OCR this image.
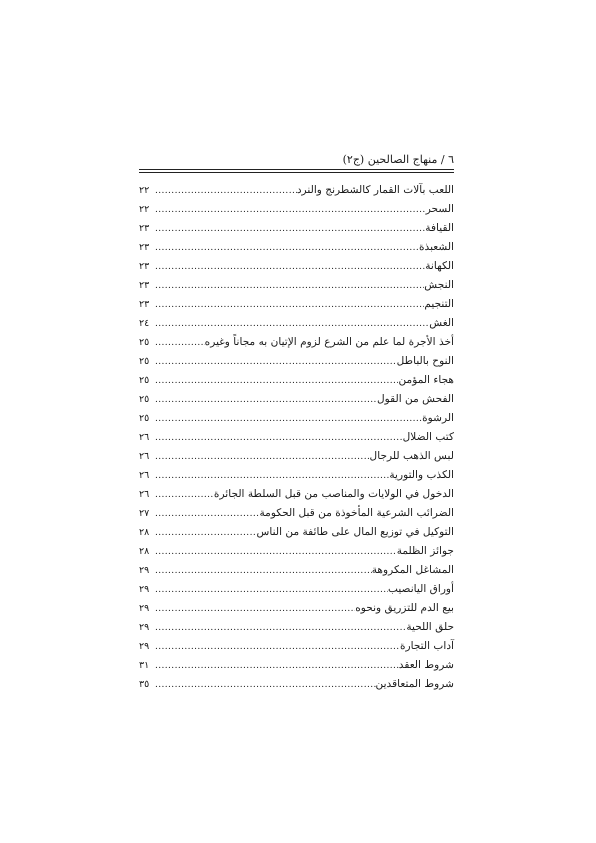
٦ / منهاج الصالحين (ج٢)
اللعب بآلات القمار كالشطرنج والنرد
.....
٢٢
السحر
.....
٢٢
القيافة
.....
٢٣
الشعبذة
.....
٢٣
الكهانة
.....
٢٣
النجش
.....
٢٣
التنجيم
.....
٢٣
الغش
.....
٢٤
أخذ الأجرة لما علم من الشرع لزوم الإتيان به مجاناً وغيره
.....
٢٥
النوح بالباطل
.....
٢٥
هجاء المؤمن
.....
٢٥
الفحش من القول
.....
٢٥
الرشوة
.....
٢٥
كتب الضلال
.....
٢٦
لبس الذهب للرجال
.....
٢٦
الكذب والتورية
.....
٢٦
الدخول في الولايات والمناصب من قبل السلطة الجائرة
.....
٢٦
الضرائب الشرعية المأخوذة من قبل الحكومة
.....
٢٧
التوكيل في توزيع المال على طائفة من الناس
.....
٢٨
جوائز الظلمة
.....
٢٨
المشاغل المكروهة
.....
٢٩
أوراق اليانصيب
.....
٢٩
بيع الدم للتزريق ونحوه
.....
٢٩
حلق اللحية
.....
٢٩
آداب التجارة
.....
٢٩
شروط العقد
.....
٣١
شروط المتعاقدين
.....
٣٥
